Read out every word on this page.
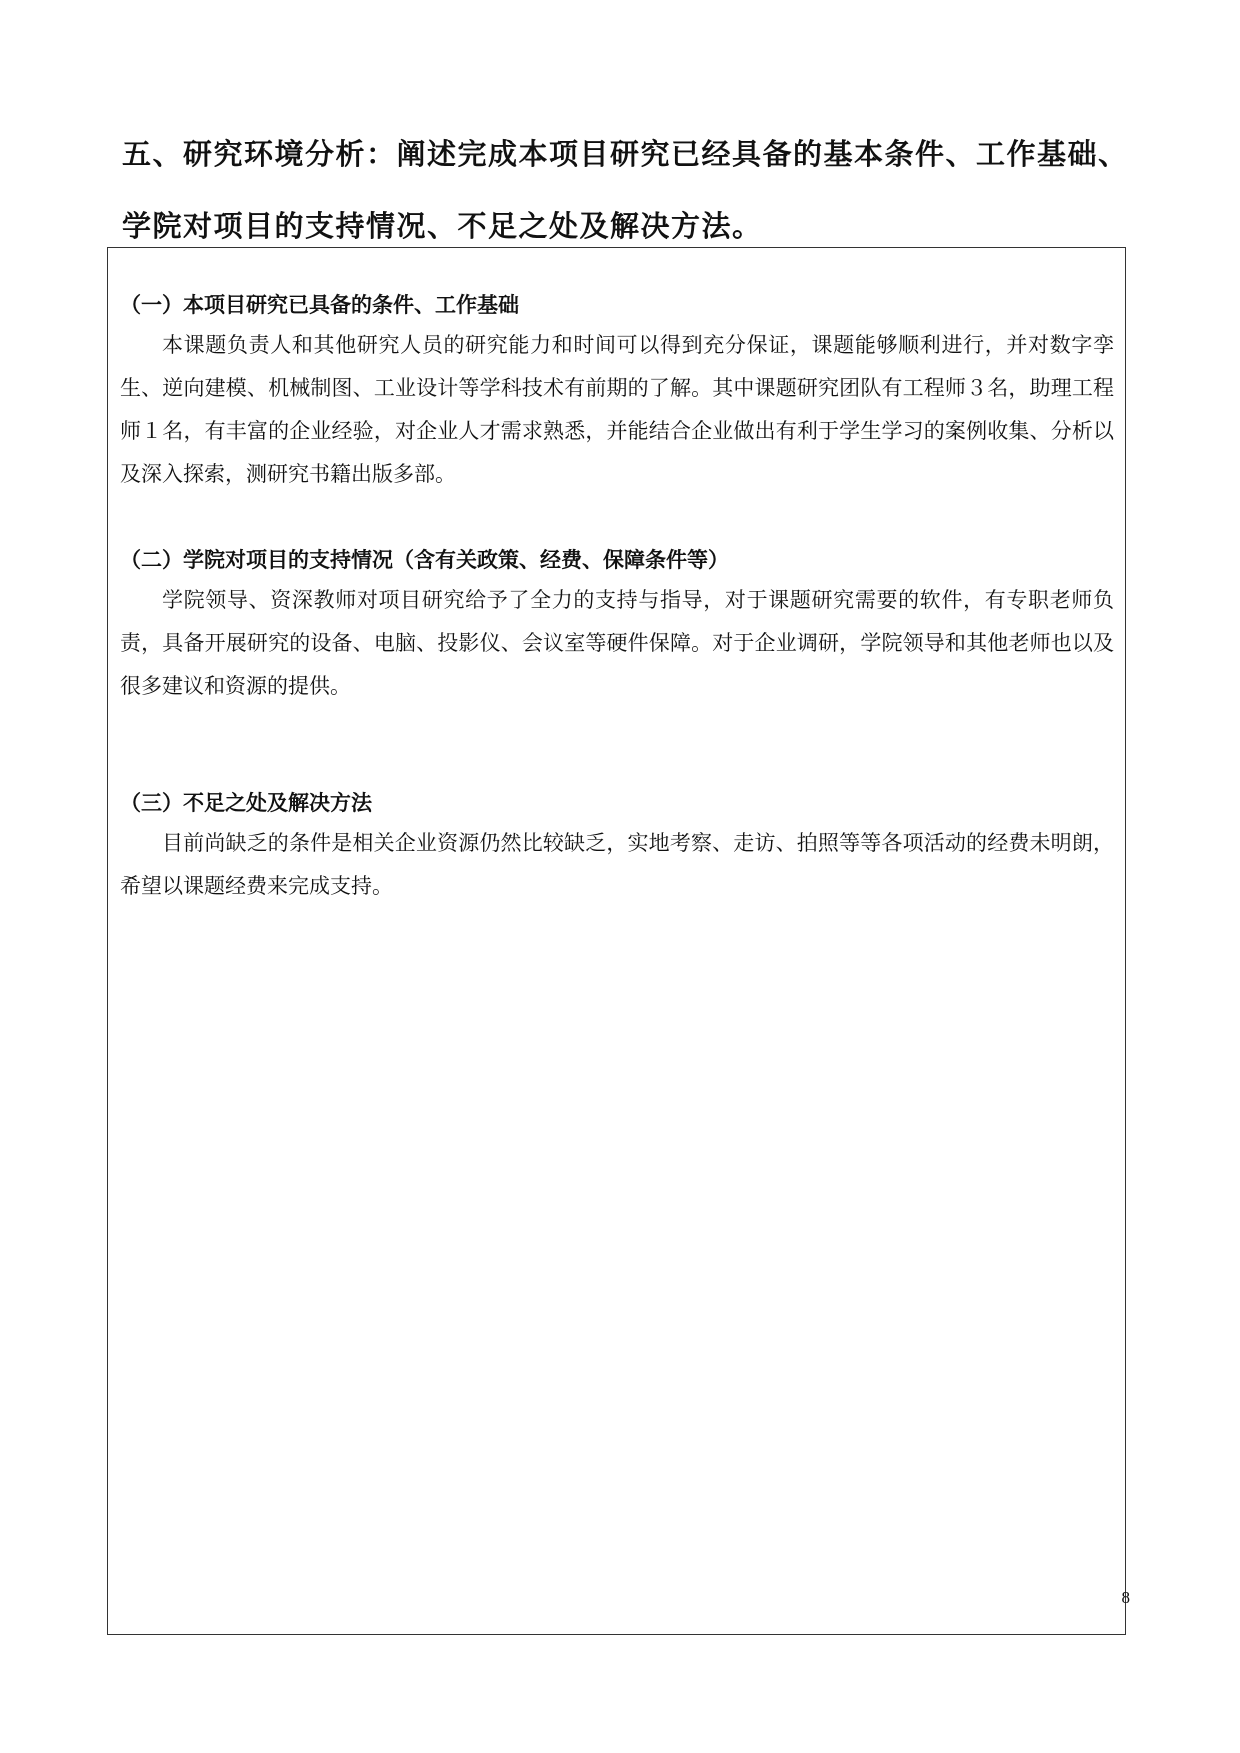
五、研究环境分析：阐述完成本项目研究已经具备的基本条件、工作基础、学院对项目的支持情况、不足之处及解决方法。

（一）本项目研究已具备的条件、工作基础

本课题负责人和其他研究人员的研究能力和时间可以得到充分保证，课题能够顺利进行，并对数字孪生、逆向建模、机械制图、工业设计等学科技术有前期的了解。其中课题研究团队有工程师３名，助理工程师１名，有丰富的企业经验，对企业人才需求熟悉，并能结合企业做出有利于学生学习的案例收集、分析以及深入探索，测研究书籍出版多部。

（二）学院对项目的支持情况（含有关政策、经费、保障条件等）

学院领导、资深教师对项目研究给予了全力的支持与指导，对于课题研究需要的软件，有专职老师负责，具备开展研究的设备、电脑、投影仪、会议室等硬件保障。对于企业调研，学院领导和其他老师也以及很多建议和资源的提供。

（三）不足之处及解决方法

目前尚缺乏的条件是相关企业资源仍然比较缺乏，实地考察、走访、拍照等等各项活动的经费未明朗，希望以课题经费来完成支持。

8
